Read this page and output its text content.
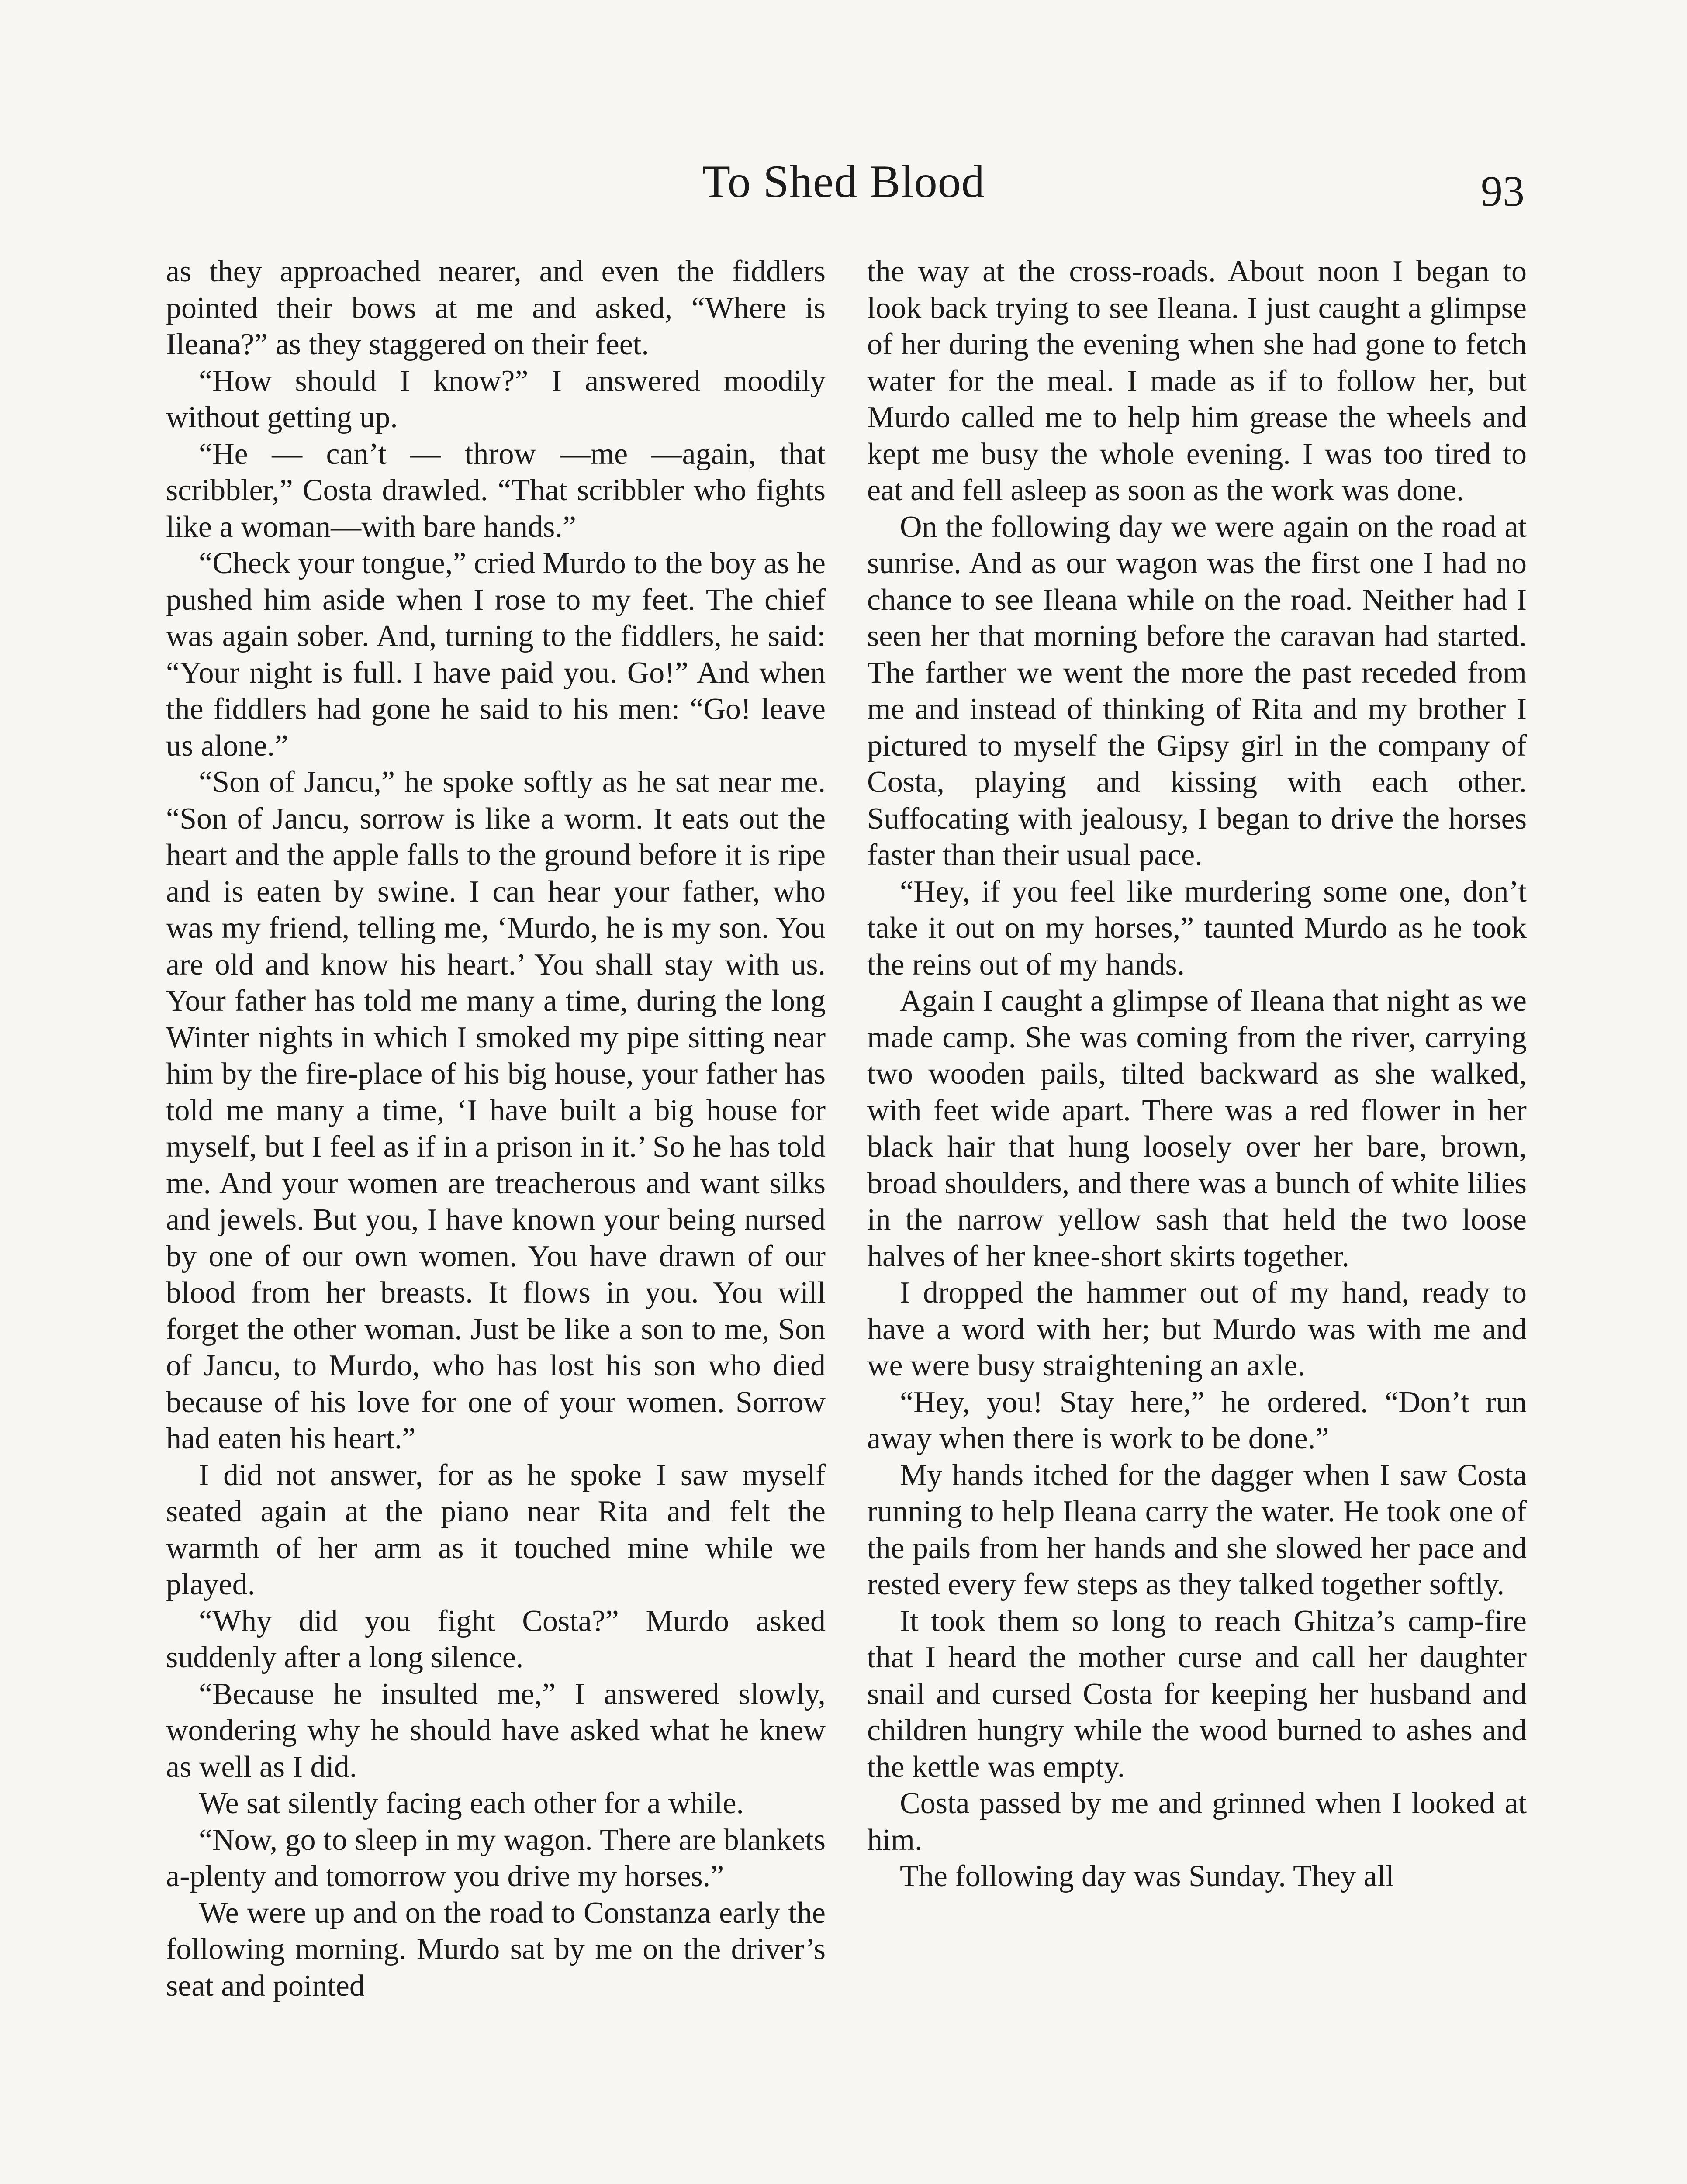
To Shed Blood	93

as they approached nearer, and even the fiddlers pointed their bows at me and asked, “Where is Ileana?” as they staggered on their feet.

“How should I know?” I answered moodily without getting up.

“He — can’t — throw —me —again, that scribbler,” Costa drawled. “That scribbler who fights like a woman—with bare hands.”

“Check your tongue,” cried Murdo to the boy as he pushed him aside when I rose to my feet. The chief was again sober. And, turning to the fiddlers, he said: “Your night is full. I have paid you. Go!” And when the fiddlers had gone he said to his men: “Go! leave us alone.”

“Son of Jancu,” he spoke softly as he sat near me. “Son of Jancu, sorrow is like a worm. It eats out the heart and the apple falls to the ground before it is ripe and is eaten by swine. I can hear your father, who was my friend, telling me, ‘Murdo, he is my son. You are old and know his heart.’ You shall stay with us. Your father has told me many a time, during the long Winter nights in which I smoked my pipe sitting near him by the fire-place of his big house, your father has told me many a time, ‘I have built a big house for myself, but I feel as if in a prison in it.’ So he has told me. And your women are treacherous and want silks and jewels. But you, I have known your being nursed by one of our own women. You have drawn of our blood from her breasts. It flows in you. You will forget the other woman. Just be like a son to me, Son of Jancu, to Murdo, who has lost his son who died because of his love for one of your women. Sorrow had eaten his heart.”

I did not answer, for as he spoke I saw myself seated again at the piano near Rita and felt the warmth of her arm as it touched mine while we played.

“Why did you fight Costa?” Murdo asked suddenly after a long silence.

“Because he insulted me,” I answered slowly, wondering why he should have asked what he knew as well as I did.

We sat silently facing each other for a while.

“Now, go to sleep in my wagon. There are blankets a-plenty and tomorrow you drive my horses.”

We were up and on the road to Constanza early the following morning. Murdo sat by me on the driver’s seat and pointed

the way at the cross-roads. About noon I began to look back trying to see Ileana. I just caught a glimpse of her during the evening when she had gone to fetch water for the meal. I made as if to follow her, but Murdo called me to help him grease the wheels and kept me busy the whole evening. I was too tired to eat and fell asleep as soon as the work was done.

On the following day we were again on the road at sunrise. And as our wagon was the first one I had no chance to see Ileana while on the road. Neither had I seen her that morning before the caravan had started. The farther we went the more the past receded from me and instead of thinking of Rita and my brother I pictured to myself the Gipsy girl in the company of Costa, playing and kissing with each other. Suffocating with jealousy, I began to drive the horses faster than their usual pace.

“Hey, if you feel like murdering some one, don’t take it out on my horses,” taunted Murdo as he took the reins out of my hands.

Again I caught a glimpse of Ileana that night as we made camp. She was coming from the river, carrying two wooden pails, tilted backward as she walked, with feet wide apart. There was a red flower in her black hair that hung loosely over her bare, brown, broad shoulders, and there was a bunch of white lilies in the narrow yellow sash that held the two loose halves of her knee-short skirts together.

I dropped the hammer out of my hand, ready to have a word with her; but Murdo was with me and we were busy straightening an axle.

“Hey, you! Stay here,” he ordered. “Don’t run away when there is work to be done.”

My hands itched for the dagger when I saw Costa running to help Ileana carry the water. He took one of the pails from her hands and she slowed her pace and rested every few steps as they talked together softly.

It took them so long to reach Ghitza’s camp-fire that I heard the mother curse and call her daughter snail and cursed Costa for keeping her husband and children hungry while the wood burned to ashes and the kettle was empty.

Costa passed by me and grinned when I looked at him.

The following day was Sunday. They all
